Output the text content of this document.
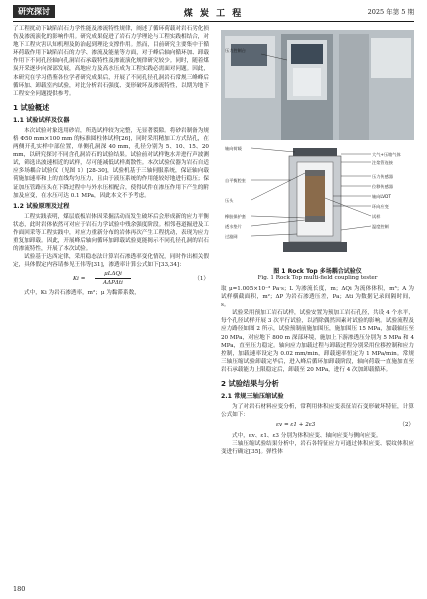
研究探讨	煤 炭 工 程	2025 年第 5 期

了工程扰动下缺陷岩石力学性能及渗流特性规律，阐述了循环荷载对岩石劣化损伤及渗流演化的影响作用。研究成果促进了岩石力学理论与工程实践相结合，对地下工程灾害认知机理及防治起到理论支撑作用。然而，目前研究主要集中于循环荷载作用下缺陷岩石的力学、渗流及能量等方面，对于峰后轴向循环加、卸载作用下不同孔径轴向孔洞岩石承载特性及渗流演化规律研究较少。同时，随着煤炭开采逐步向深部发展，高地应力及高水压成为工程实践必需面对问题。因此，本研究在学习借鉴各位学者研究成果后，开展了不同孔径孔洞岩石常规三峰峰后循环加、卸载室内试验，对比分析岩石强度、变形破坏及渗流特性，以期为地下工程安全问题提供参考。

1 试验概述
1.1 试验试样及仪器

本次试验对象选用砂岩，所选试样较为完整，无显著裂隙。将砂岩制备为规格 Φ50 mm×100 mm 的标准圆柱体试样[26]，同时采用精加工方式钻孔，在两侧开孔实样中部位置，单侧孔洞深 40 mm，孔径分别为 5、10、15、20 mm，以研究探讨不同含孔洞岩石的试验结果。试验前对试样饱水并进行声波测试，筛选出波速相近的试样，尽可能减低试样离散性。本次试验仪器为岩石自适应多场耦合试验仪（见图 1）[28-30]，试验机基于三轴伺服系统，保证轴向载荷施加速率和上的直线均匀压力，且由于液压系统的作用能较好地进行稳压；保证加压管路压头在下降过程中与外水压相配合，使得试件在渗压作用下产生的附加及应变，在水压可达 0.1 MPa，因此本文不予考虑。

1.2 试验原理及过程

工程实践表明，煤层底板岩体因采掘活动而发生破坏后会形成新的应力平衡状态，此时岩体依然可对应于岩石力学试验中残余强度阶段。相邻巷道掘进及工作面回采等工程实践中，对应力重新分布的岩体再次产生工程扰动，表现为应力重复加卸载。因此，开展峰后轴向循环加卸载试验更能揭示不同孔径孔洞的岩石的渗流特性，开展了本次试验。

试验基于达西定律，采用稳态法计算岩石渗透率变化情况，同时作出相关假定，具体假定内容请参见王伟等[31]，渗透率计算公式如下[33,34]：

Ki =
μLΔQi
AΔPΔti
（1）

式中，Ki 为岩石渗透率，m²；μ 为黏滞系数，

压力控制台
轴向荷载
大气+压缩气体
注浆管连接
压力传感器
位移传感器
轴向LVDT
环向应变
试样
温度控制
自平衡腔室
压头
橡胶保护套
透水垫片
过滤网
图 1 Rock Top 多场耦合试验仪
Fig. 1 Rock Top multi-field coupling tester

取 μ=1.005×10⁻³ Pa·s；L 为渗流长度，m；ΔQi 为流体体积，m³；A 为试样横截面积，m²；ΔP 为岩石渗透压差，Pa；Δti 为数据记录间隔时间，s。

试验采用预加工岩石试样，试验安置为预加工岩石孔径，共设 4 个水平，每个孔径试样开展 3 次平行试验，以消除偶然因素对试验的影响。试验流程及应力路径如图 2 所示，试验预制前施加围压，施加围压 15 MPa，加载轴压至 20 MPa，对应地下 800 m 深部环境，施加上下游渗透压分别为 5 MPa 和 4 MPa，直至压力稳定。轴向应力加载过程与卸载过程分别采用位移控制和应力控制，加载速率设定为 0.02 mm/min，卸载速率恒定为 1 MPa/min。常规三轴压缩试验卸载完毕后，进入峰后循环加卸载阶段，轴向荷载一直施加直至岩石承载能力上限稳定后，卸载至 20 MPa，进行 4 次加卸载循环。

2 试验结果与分析
2.1 常规三轴压缩试验

为了对岩石材料应变分析，常利用体积应变表征岩石变形破坏特征，计算公式如下：

εv = ε1 + 2ε3	（2）

式中，εv、ε1、ε3 分别为体积应变、轴向应变与侧向应变。

三轴压缩试验结果分析中，岩石各特征应力可通过体积应变、裂纹体积应变进行确定[35]。弹性体

180
